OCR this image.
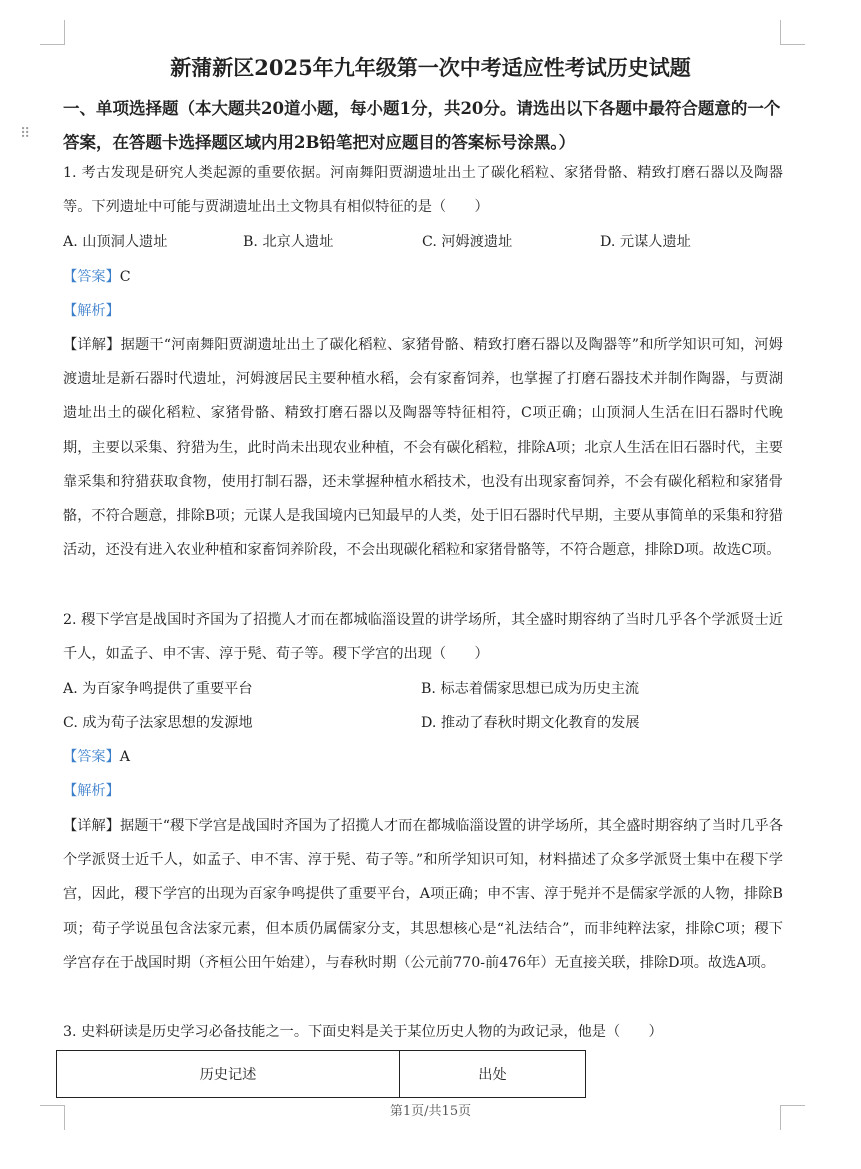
⠿
新蒲新区2025年九年级第一次中考适应性考试历史试题
一、单项选择题（本大题共20道小题，每小题1分，共20分。请选出以下各题中最符合题意的一个答案，在答题卡选择题区域内用2B铅笔把对应题目的答案标号涂黑。）
1. 考古发现是研究人类起源的重要依据。河南舞阳贾湖遗址出土了碳化稻粒、家猪骨骼、精致打磨石器以及陶器等。下列遗址中可能与贾湖遗址出土文物具有相似特征的是（　　）
A. 山顶洞人遗址	B. 北京人遗址	C. 河姆渡遗址	D. 元谋人遗址
【答案】C
【解析】
【详解】据题干“河南舞阳贾湖遗址出土了碳化稻粒、家猪骨骼、精致打磨石器以及陶器等”和所学知识可知，河姆渡遗址是新石器时代遗址，河姆渡居民主要种植水稻，会有家畜饲养，也掌握了打磨石器技术并制作陶器，与贾湖遗址出土的碳化稻粒、家猪骨骼、精致打磨石器以及陶器等特征相符，C项正确；山顶洞人生活在旧石器时代晚期，主要以采集、狩猎为生，此时尚未出现农业种植，不会有碳化稻粒，排除A项；北京人生活在旧石器时代，主要靠采集和狩猎获取食物，使用打制石器，还未掌握种植水稻技术，也没有出现家畜饲养，不会有碳化稻粒和家猪骨骼，不符合题意，排除B项；元谋人是我国境内已知最早的人类，处于旧石器时代早期，主要从事简单的采集和狩猎活动，还没有进入农业种植和家畜饲养阶段，不会出现碳化稻粒和家猪骨骼等，不符合题意，排除D项。故选C项。
2. 稷下学宫是战国时齐国为了招揽人才而在都城临淄设置的讲学场所，其全盛时期容纳了当时几乎各个学派贤士近千人，如孟子、申不害、淳于髡、荀子等。稷下学宫的出现（　　）
A. 为百家争鸣提供了重要平台	B. 标志着儒家思想已成为历史主流
C. 成为荀子法家思想的发源地	D. 推动了春秋时期文化教育的发展
【答案】A
【解析】
【详解】据题干“稷下学宫是战国时齐国为了招揽人才而在都城临淄设置的讲学场所，其全盛时期容纳了当时几乎各个学派贤士近千人，如孟子、申不害、淳于髡、荀子等。”和所学知识可知，材料描述了众多学派贤士集中在稷下学宫，因此，稷下学宫的出现为百家争鸣提供了重要平台，A项正确；申不害、淳于髡并不是儒家学派的人物，排除B项；荀子学说虽包含法家元素，但本质仍属儒家分支，其思想核心是“礼法结合”，而非纯粹法家，排除C项；稷下学宫存在于战国时期（齐桓公田午始建），与春秋时期（公元前770-前476年）无直接关联，排除D项。故选A项。
3. 史料研读是历史学习必备技能之一。下面史料是关于某位历史人物的为政记录，他是（　　）
历史记述	出处
第1页/共15页
